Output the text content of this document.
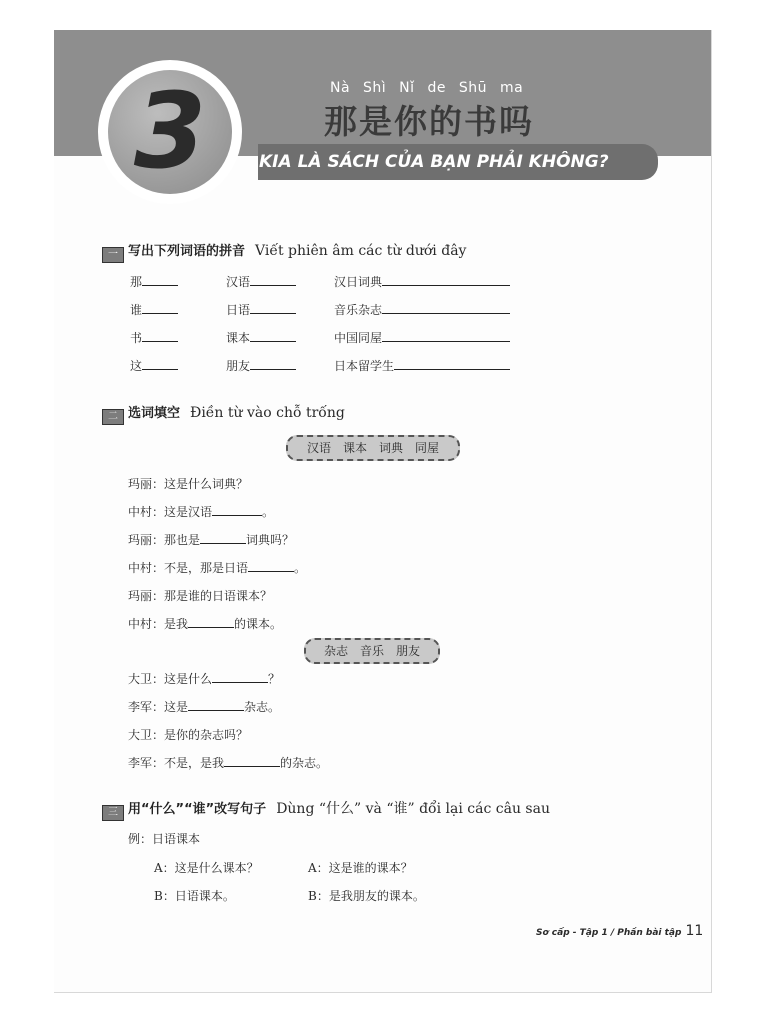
3	Nà Shì Nǐ de Shū ma
那是你的书吗
KIA LÀ SÁCH CỦA BẠN PHẢI KHÔNG?
一 写出下列词语的拼音 Viết phiên âm các từ dưới đây
那	汉语	汉日词典
谁	日语	音乐杂志
书	课本	中国同屋
这	朋友	日本留学生
二 选词填空 Điền từ vào chỗ trống
汉语 课本 词典 同屋
玛丽：这是什么词典？
中村：这是汉语	。
玛丽：那也是	词典吗？
中村：不是，那是日语	。
玛丽：那是谁的日语课本？
中村：是我	的课本。
杂志 音乐 朋友
大卫：这是什么	？
李军：这是	杂志。
大卫：是你的杂志吗？
李军：不是，是我	的杂志。
三 用“什么”“谁”改写句子 Dùng “什么” và “谁” đổi lại các câu sau
例：日语课本
A：这是什么课本？
B：日语课本。
A：这是谁的课本？
B：是我朋友的课本。
Sơ cấp - Tập 1 / Phần bài tập 11
